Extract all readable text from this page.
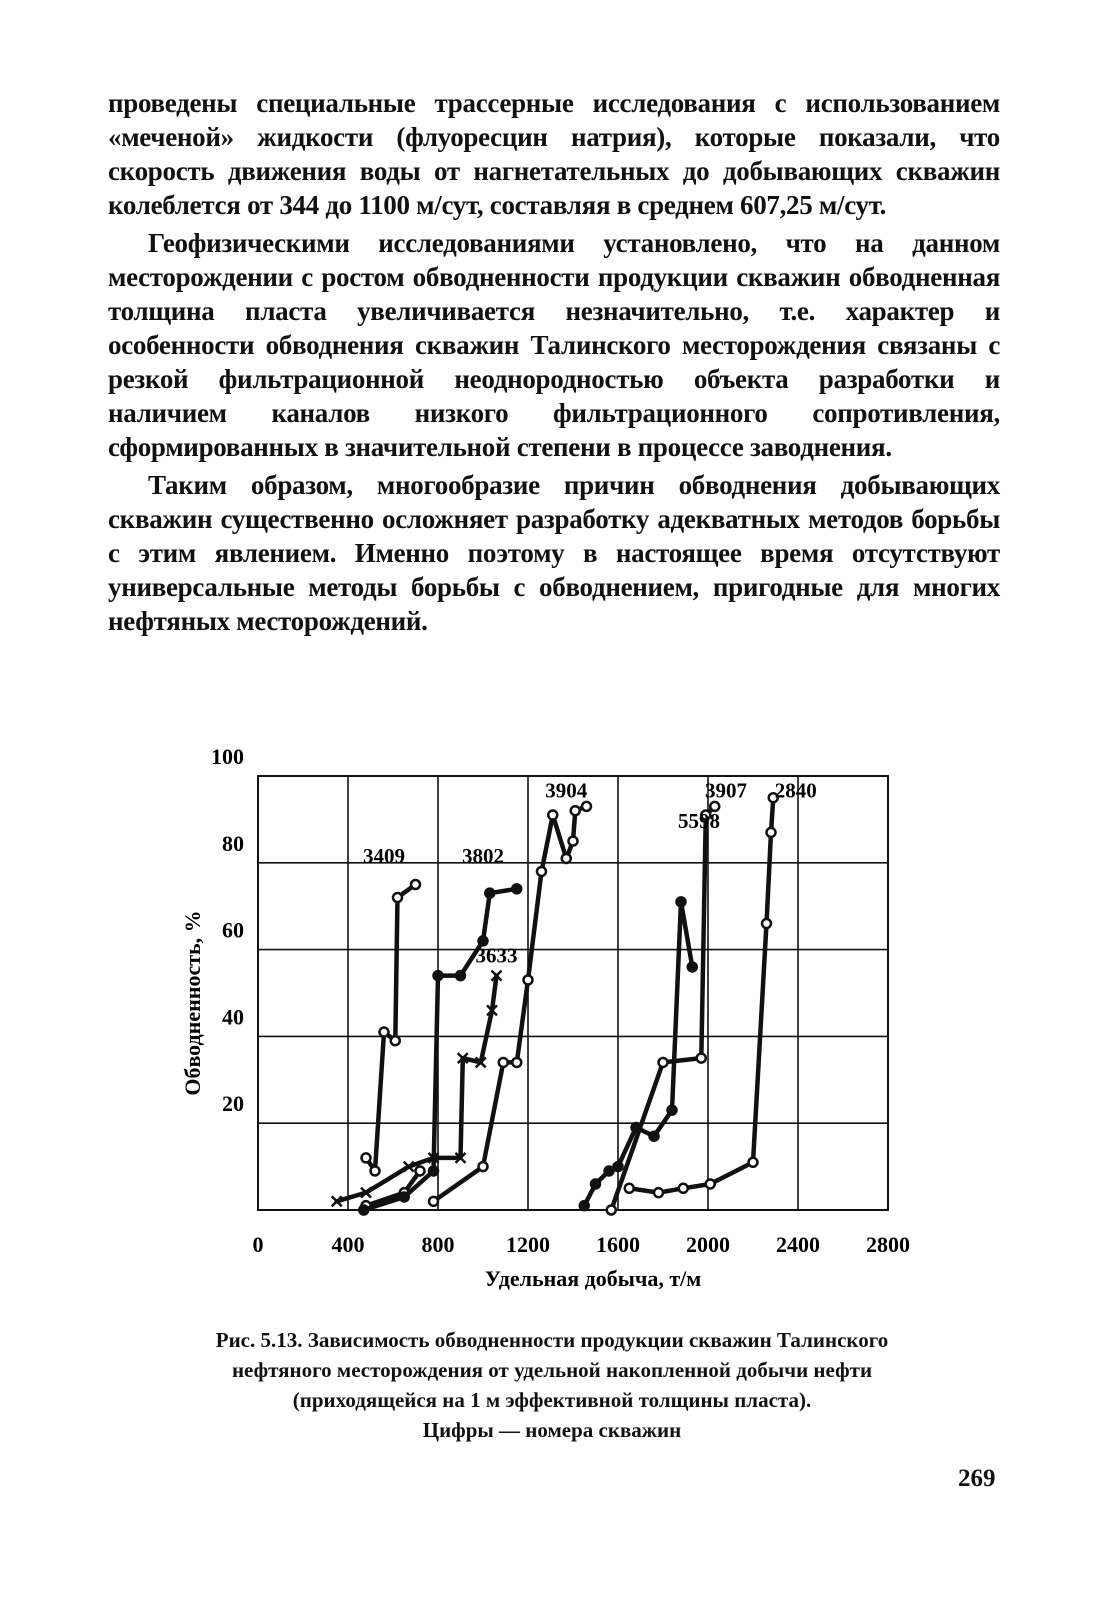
проведены специальные трассерные исследования с использованием «меченой» жидкости (флуоресцин натрия), которые показали, что скорость движения воды от нагнетательных до добывающих скважин колеблется от 344 до 1100 м/сут, составляя в среднем 607,25 м/сут.

Геофизическими исследованиями установлено, что на данном месторождении с ростом обводненности продукции скважин обводненная толщина пласта увеличивается незначительно, т.е. характер и особенности обводнения скважин Талинского месторождения связаны с резкой фильтрационной неоднородностью объекта разработки и наличием каналов низкого фильтрационного сопротивления, сформированных в значительной степени в процессе заводнения.

Таким образом, многообразие причин обводнения добывающих скважин существенно осложняет разработку адекватных методов борьбы с этим явлением. Именно поэтому в настоящее время отсутствуют универсальные методы борьбы с обводнением, пригодные для многих нефтяных месторождений.

400	800 1200 1600 2000 2400 2800
0
20
40
60
80
100
Удельная добыча, т/м
Обводненность, %
3409	3802
3633
3904	3907
5598
2840
Рис. 5.13. Зависимость обводненности продукции скважин Талинского
нефтяного месторождения от удельной накопленной добычи нефти
(приходящейся на 1 м эффективной толщины пласта).
Цифры — номера скважин
269
